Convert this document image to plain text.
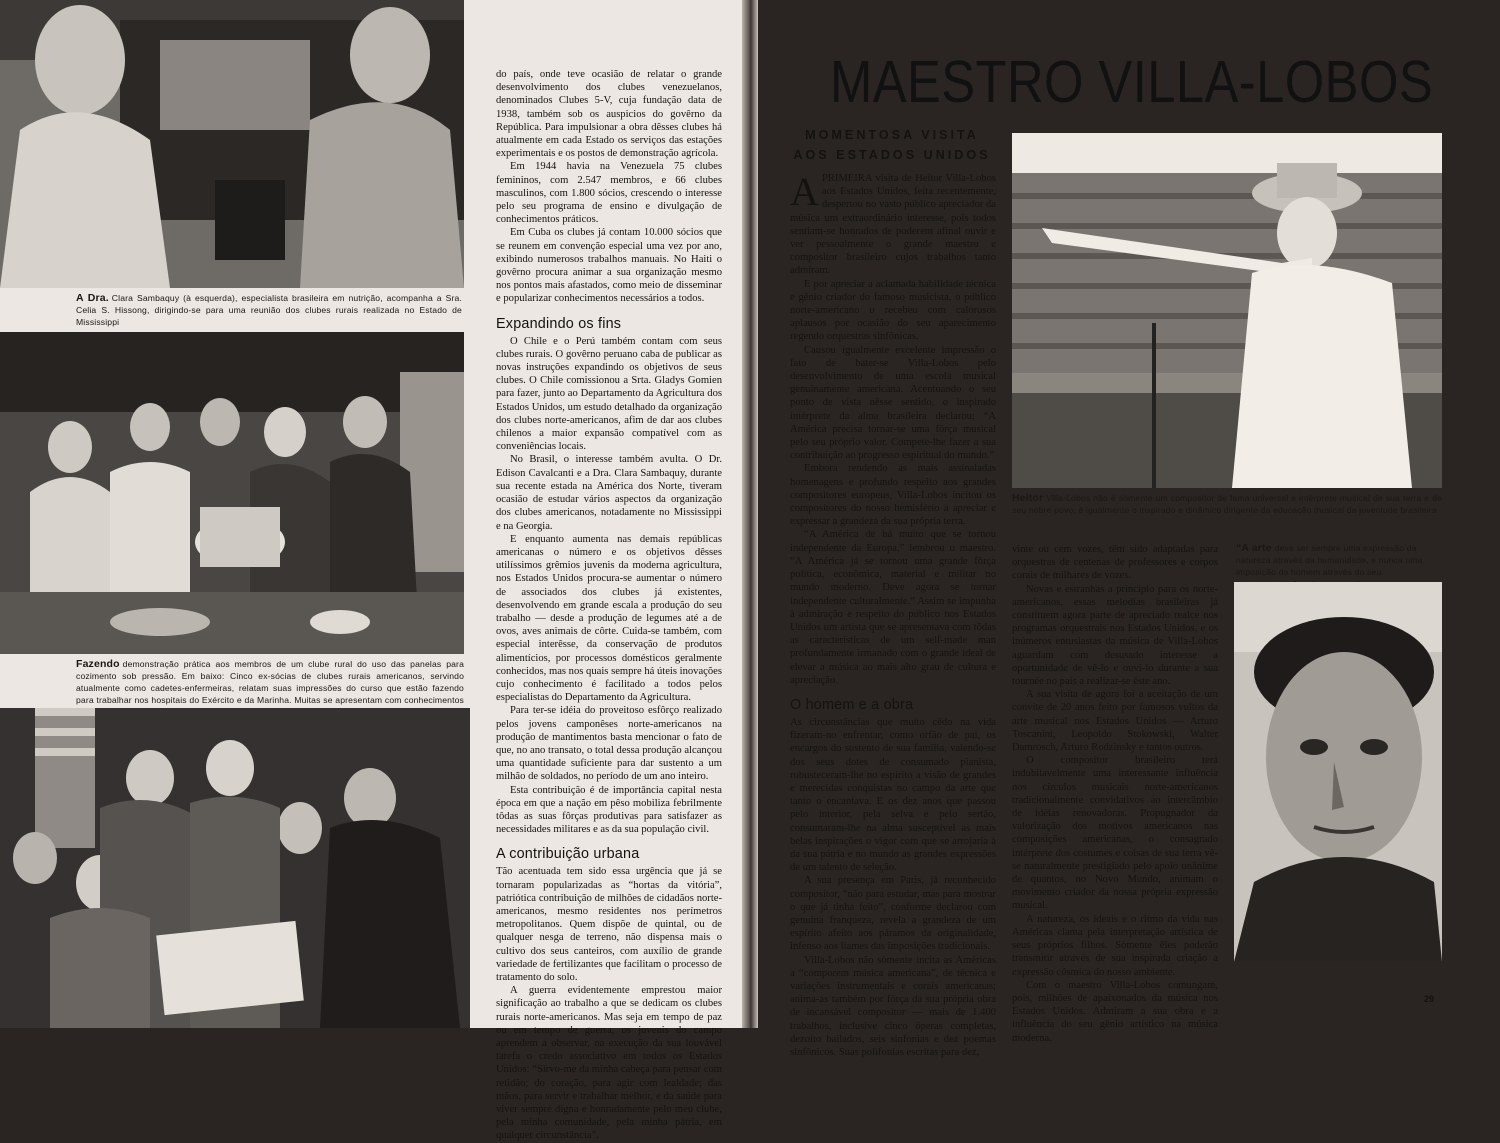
A Dra. Clara Sambaquy (à esquerda), especialista brasileira em nutrição, acompanha a Sra. Celia S. Hissong, dirigindo-se para uma reunião dos clubes rurais realizada no Estado de Mississippi
Fazendo demonstração prática aos membros de um clube rural do uso das panelas para cozimento sob pressão. Em baixo: Cinco ex-sócias de clubes rurais americanos, servindo atualmente como cadetes-enfermeiras, relatam suas impressões do curso que estão fazendo para trabalhar nos hospitais do Exército e da Marinha. Muitas se apresentam com conhecimentos

do país, onde teve ocasião de relatar o grande desenvolvimento dos clubes venezuelanos, denominados Clubes 5-V, cuja fundação data de 1938, também sob os auspicios do govêrno da República. Para impulsionar a obra dêsses clubes há atualmente em cada Estado os serviços das estações experimentais e os postos de demonstração agrícola.

Em 1944 havia na Venezuela 75 clubes femininos, com 2.547 membros, e 66 clubes masculinos, com 1.800 sócios, crescendo o interesse pelo seu programa de ensino e divulgação de conhecimentos práticos.

Em Cuba os clubes já contam 10.000 sócios que se reunem em convenção especial uma vez por ano, exibindo numerosos trabalhos manuais. No Haiti o govêrno procura animar a sua organização mesmo nos pontos mais afastados, como meio de disseminar e popularizar conhecimentos necessários a todos.

Expandindo os fins

O Chile e o Perú também contam com seus clubes rurais. O govêrno peruano caba de publicar as novas instruções expandindo os objetivos de seus clubes. O Chile comissionou a Srta. Gladys Gomien para fazer, junto ao Departamento da Agricultura dos Estados Unidos, um estudo detalhado da organização dos clubes norte-americanos, afim de dar aos clubes chilenos a maior expansão compatível com as conveniências locais.

No Brasil, o interesse também avulta. O Dr. Edison Cavalcanti e a Dra. Clara Sambaquy, durante sua recente estada na América dos Norte, tiveram ocasião de estudar vários aspectos da organização dos clubes americanos, notadamente no Mississippi e na Georgia.

E enquanto aumenta nas demais repúblicas americanas o número e os objetivos dêsses utilíssimos grêmios juvenis da moderna agricultura, nos Estados Unidos procura-se aumentar o número de associados dos clubes já existentes, desenvolvendo em grande escala a produção do seu trabalho — desde a produção de legumes até a de ovos, aves animais de côrte. Cuida-se também, com especial interêsse, da conservação de produtos alimentícios, por processos domésticos geralmente conhecidos, mas nos quais sempre há úteis inovações cujo conhecimento é facilitado a todos pelos especialistas do Departamento da Agricultura.

Para ter-se idéia do proveitoso esfôrço realizado pelos jovens camponêses norte-americanos na produção de mantimentos basta mencionar o fato de que, no ano transato, o total dessa produção alcançou uma quantidade suficiente para dar sustento a um milhão de soldados, no período de um ano inteiro.

Esta contribuição é de importância capital nesta época em que a nação em pêso mobiliza febrilmente tôdas as suas fôrças produtivas para satisfazer as necessidades militares e as da sua população civil.

A contribuição urbana

Tão acentuada tem sido essa urgência que já se tornaram popularizadas as “hortas da vitória”, patriótica contribuição de milhões de cidadãos norte-americanos, mesmo residentes nos perímetros metropolitanos. Quem dispõe de quintal, ou de qualquer nesga de terreno, não dispensa mais o cultivo dos seus canteiros, com auxílio de grande variedade de fertilizantes que facilitam o processo de tratamento do solo.

A guerra evidentemente emprestou maior significação ao trabalho a que se dedicam os clubes rurais norte-americanos. Mas seja em tempo de paz ou em tempo de guerra, os juvenis do campo aprendem a observar, na execução da sua louvável tarefa o credo associativo em todos os Estados Unidos: “Sirvo-me da minha cabeça para pensar com retidão; do coração, para agir com lealdade; das mãos, para servir e trabalhar melhor, e da saúde para viver sempre digna e honradamente pelo meu clube, pela minha comunidade, pela minha pátria, em qualquer circunstância”.

MAESTRO VILLA-LOBOS
MOMENTOSA VISITA
AOS ESTADOS UNIDOS
Heitor Villa-Lobos não é sòmente um compositor de fama universal e intérprete musical de sua terra e de seu nobre povo; é igualmente o inspirado e dinâmico dirigente da educação musical da juventude brasileira

APRIMEIRA visita de Heitor Villa-Lobos aos Estados Unidos, feita recentemente, despertou no vasto público apreciador da música um extraordinário interesse, pois todos sentiam-se honrados de poderem afinal ouvir e ver pessoalmente o grande maestro e compositor brasileiro cujos trabalhos tanto admiram.

E por apreciar a aclamada habilidade técnica e gênio criador do famoso musicista, o público norte-americano o recebeu com calorosos aplausos por ocasião do seu aparecimento regendo orquestras sinfônicas.

Causou igualmente excelente impressão o fato de bater-se Villa-Lobos pelo desenvolvimento de uma escola musical genuinamente americana. Acentuando o seu ponto de vista nêsse sentido, o inspirado intérprete da alma brasileira declarou: “A América precisa tornar-se uma fôrça musical pelo seu próprio valor. Compete-lhe fazer a sua contribuição ao progresso espiritual do mundo.”

Embora rendendo as mais assinaladas homenagens e profundo respeito aos grandes compositores europeus, Villa-Lobos incitou os compositores do nosso hemisfério a apreciar e expressar a grandeza da sua própria terra.

“A América de há muito que se tornou independente da Europa,” lembrou o maestro. “A América já se tornou uma grande fôrça política, econômica, material e militar no mundo moderno. Deve agora se tornar independente culturalmente.” Assim se impunha à admiração e respeito do público nos Estados Unidos um artista que se apresentava com tôdas as características de um self-made man profundamente irmanado com o grande ideal de elevar a música ao mais alto grau de cultura e apreciação.

O homem e a obra

As circunstâncias que muito cêdo na vida fizeram-no enfrentar, como orfão de pai, os encargos do sustento de sua família, valendo-se dos seus dotes de consumado pianista, robusteceram-lhe no espírito a visão de grandes e merecidas conquistas no campo da arte que tanto o encantava. E os dez anos que passou pelo interior, pela selva e pelo sertão, consumaram-lhe na alma susceptível as mais belas inspirações o vigor com que se arrojaria à da sua pátria e no mundo as grandes expressões de um talento de seleção.

A sua presença em Paris, já reconhecido compositor, “não para estudar, mas para mostrar o que já tinha feito”, conforme declarou com genuina franqueza, revela a grandeza de um espírito afeito aos páramos da originalidade, infenso aos liames das imposições tradicionais.

Villa-Lobos não sòmente incita as Américas a “comporem música americana”, de técnica e variações instrumentais e corais americanas; anima-as também por fôrça da sua própria obra de incansável compositor — mais de 1.400 trabalhos, inclusive cinco óperas completas, dezoito bailados, seis sinfonias e dez poemas sinfônicos. Suas polifonias escritas para dez,

vinte ou cem vozes, têm sido adaptadas para orquestras de centenas de professores e corpos corais de milhares de vozes.

Novas e estranhas a principio para os norte-americanos, essas melodias brasileiras já constituem agora parte de apreciado realce nos programas orquestrais nos Estados Unidos, e os inúmeros entusiastas da música de Villa-Lobos aguardam com desusado interesse a oportunidade de vê-lo e ouvi-lo durante a sua tournée no país a realizar-se êste ano.

A sua visita de agora foi a aceitação de um convite de 20 anos feito por famosos vultos da arte musical nos Estados Unidos — Arturo Toscanini, Leopoldo Stokowski, Walter Damrosch, Arturo Rodzinsky e tantos outros.

O compositor brasileiro terá indubitavelmente uma interessante influência nos círculos musicais norte-americanos tradicionalmente convidativos ao intercâmbio de idéias renovadoras. Propugnador da valorização dos motivos americanos nas composições americanas, o consagrado intérprete dos costumes e coisas de sua terra vê-se naturalmente prestigiado pelo apoio unânime de quantos, no Novo Mundo, animam o movimento criador da nossa própria expressão musical.

A natureza, os ideais e o ritmo da vida nas Américas clama pela interpretação artística de seus próprios filhos. Sòmente êles poderão transmitir através de sua inspirada criação a expressão cósmica do nosso ambiente.

Com o maestro Villa-Lobos comungam, pois, milhões de apaixonados da música nos Estados Unidos. Admiram a sua obra e a influência do seu gênio artístico na música moderna.

“A arte deve ser sempre uma expressão da natureza através da humanidade, e nunca uma imposição do homem através do seu
29
